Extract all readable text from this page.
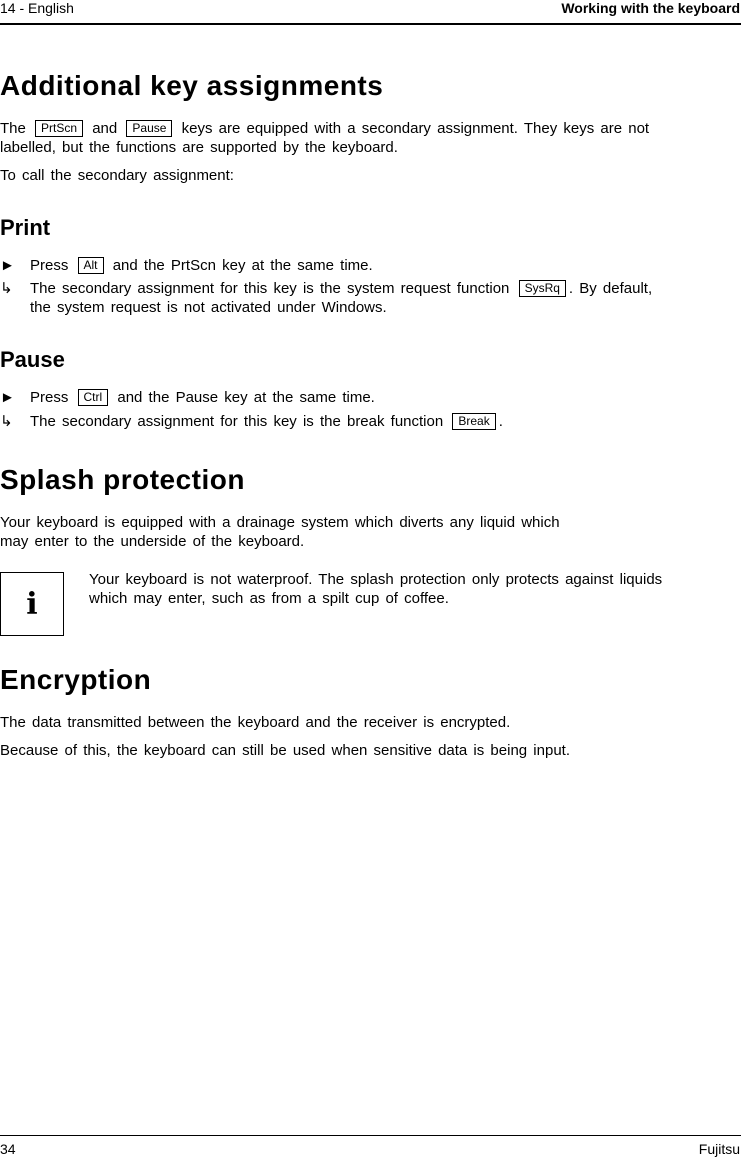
14 - English	Working with the keyboard
Additional key assignments
The PrtScn and Pause keys are equipped with a secondary assignment. They keys are not labelled, but the functions are supported by the keyboard.
To call the secondary assignment:
Print
►	Press Alt and the PrtScn key at the same time.
↳	The secondary assignment for this key is the system request function SysRq . By default, the system request is not activated under Windows.
Pause
►	Press Ctrl and the Pause key at the same time.
↳	The secondary assignment for this key is the break function Break .
Splash protection
Your keyboard is equipped with a drainage system which diverts any liquid which
may enter to the underside of the keyboard.
i
Your keyboard is not waterproof. The splash protection only protects against liquids which may enter, such as from a spilt cup of coffee.
Encryption
The data transmitted between the keyboard and the receiver is encrypted.
Because of this, the keyboard can still be used when sensitive data is being input.
34	Fujitsu
